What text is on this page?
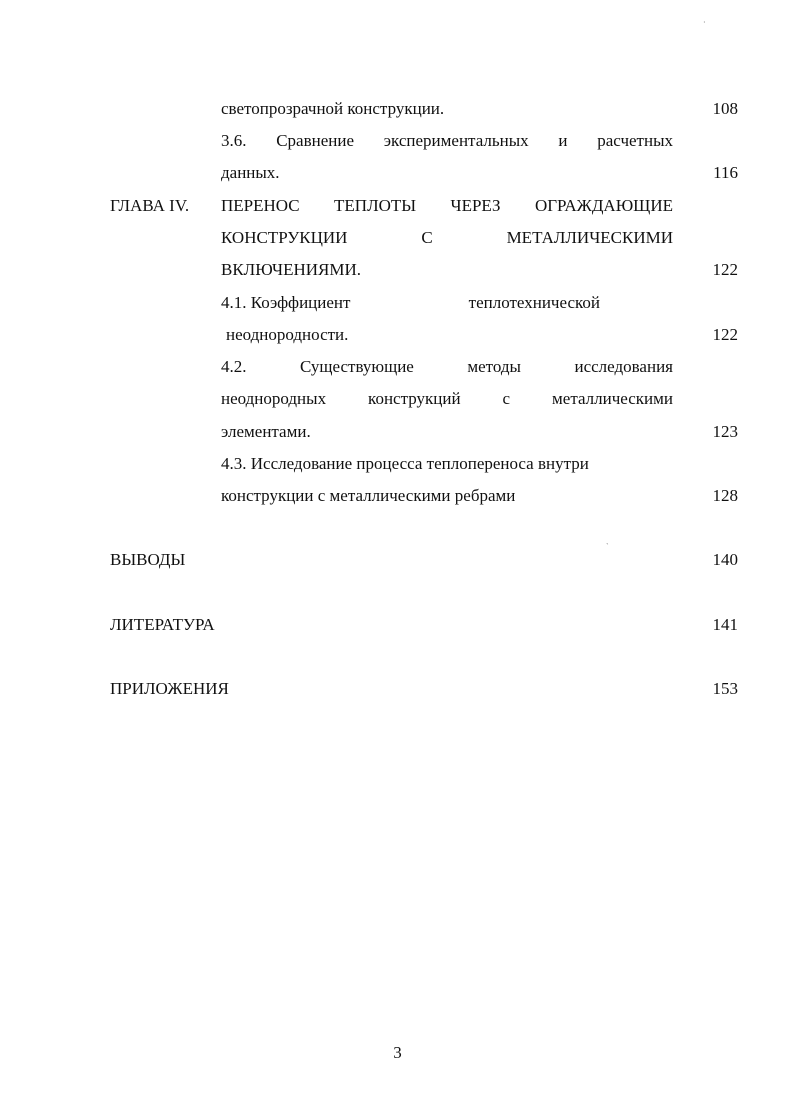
светопрозрачной конструкции.	108
3.6. Сравнение экспериментальных и расчетных
данных.	116
ГЛАВА IV. ПЕРЕНОС ТЕПЛОТЫ ЧЕРЕЗ ОГРАЖДАЮЩИЕ
КОНСТРУКЦИИ	С	МЕТАЛЛИЧЕСКИМИ
ВКЛЮЧЕНИЯМИ.	122
4.1. Коэффициент	теплотехнической
неоднородности.	122
4.2.	Существующие	методы	исследования
неоднородных конструкций с металлическими
элементами.	123
4.3. Исследование процесса теплопереноса внутри
конструкции с металлическими ребрами	128
ВЫВОДЫ	140
ЛИТЕРАТУРА	141
ПРИЛОЖЕНИЯ	153
·
`
3
